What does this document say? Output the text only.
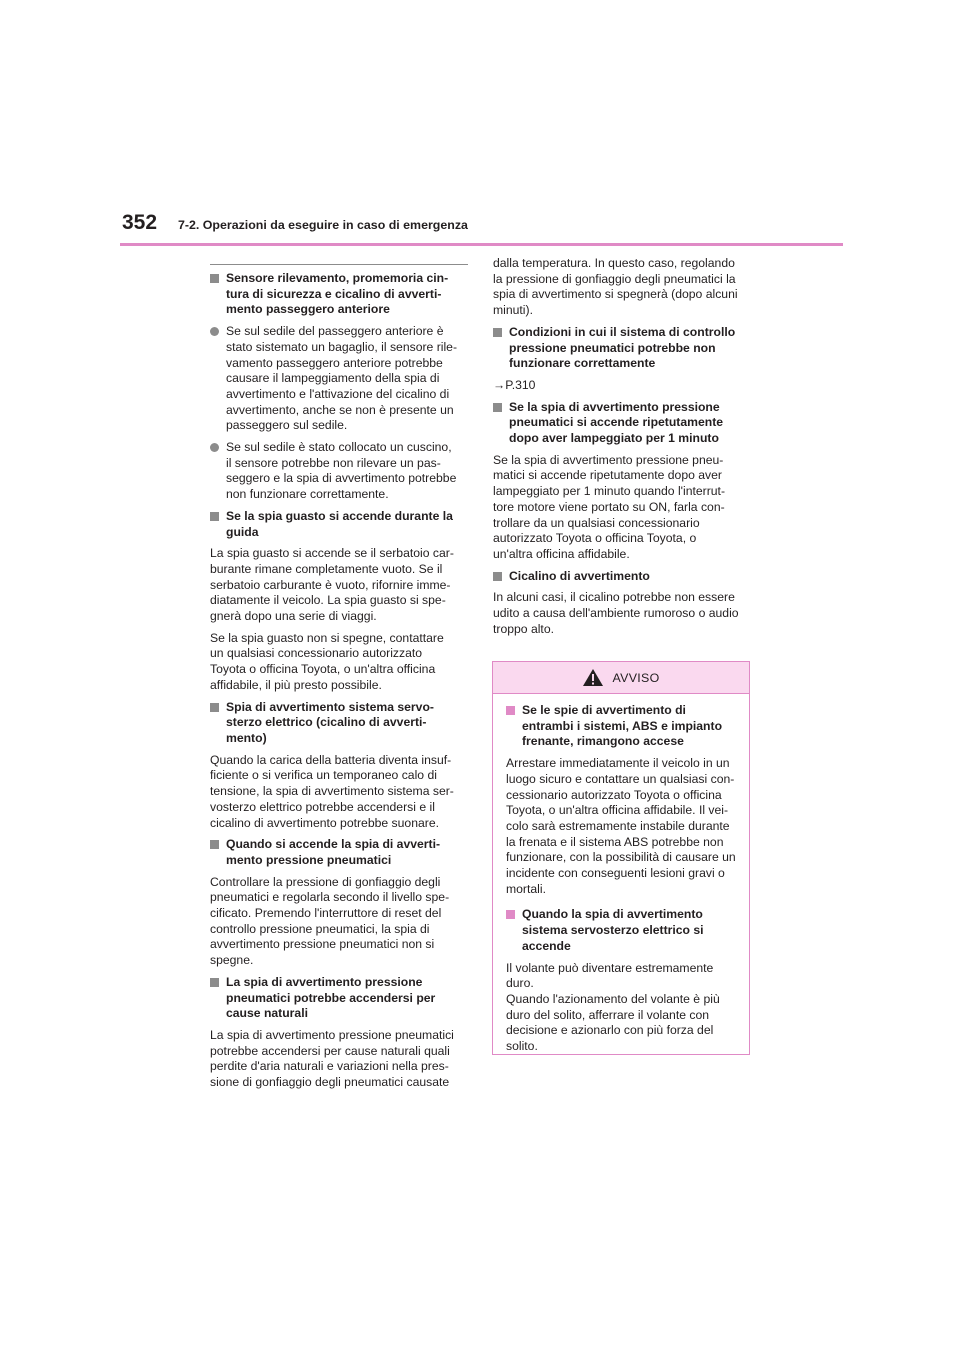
352 7-2. Operazioni da eseguire in caso di emergenza
Sensore rilevamento, promemoria cin-
tura di sicurezza e cicalino di avverti-
mento passeggero anteriore
Se sul sedile del passeggero anteriore è
stato sistemato un bagaglio, il sensore rile-
vamento passeggero anteriore potrebbe
causare il lampeggiamento della spia di
avvertimento e l'attivazione del cicalino di
avvertimento, anche se non è presente un
passeggero sul sedile.
Se sul sedile è stato collocato un cuscino,
il sensore potrebbe non rilevare un pas-
seggero e la spia di avvertimento potrebbe
non funzionare correttamente.
Se la spia guasto si accende durante la
guida
La spia guasto si accende se il serbatoio car-
burante rimane completamente vuoto. Se il
serbatoio carburante è vuoto, rifornire imme-
diatamente il veicolo. La spia guasto si spe-
gnerà dopo una serie di viaggi.
Se la spia guasto non si spegne, contattare
un qualsiasi concessionario autorizzato
Toyota o officina Toyota, o un'altra officina
affidabile, il più presto possibile.
Spia di avvertimento sistema servo-
sterzo elettrico (cicalino di avverti-
mento)
Quando la carica della batteria diventa insuf-
ficiente o si verifica un temporaneo calo di
tensione, la spia di avvertimento sistema ser-
vosterzo elettrico potrebbe accendersi e il
cicalino di avvertimento potrebbe suonare.
Quando si accende la spia di avverti-
mento pressione pneumatici
Controllare la pressione di gonfiaggio degli
pneumatici e regolarla secondo il livello spe-
cificato. Premendo l'interruttore di reset del
controllo pressione pneumatici, la spia di
avvertimento pressione pneumatici non si
spegne.
La spia di avvertimento pressione
pneumatici potrebbe accendersi per
cause naturali
La spia di avvertimento pressione pneumatici
potrebbe accendersi per cause naturali quali
perdite d'aria naturali e variazioni nella pres-
sione di gonfiaggio degli pneumatici causate
dalla temperatura. In questo caso, regolando
la pressione di gonfiaggio degli pneumatici la
spia di avvertimento si spegnerà (dopo alcuni
minuti).
Condizioni in cui il sistema di controllo
pressione pneumatici potrebbe non
funzionare correttamente
→P.310
Se la spia di avvertimento pressione
pneumatici si accende ripetutamente
dopo aver lampeggiato per 1 minuto
Se la spia di avvertimento pressione pneu-
matici si accende ripetutamente dopo aver
lampeggiato per 1 minuto quando l'interrut-
tore motore viene portato su ON, farla con-
trollare da un qualsiasi concessionario
autorizzato Toyota o officina Toyota, o
un'altra officina affidabile.
Cicalino di avvertimento
In alcuni casi, il cicalino potrebbe non essere
udito a causa dell'ambiente rumoroso o audio
troppo alto.
AVVISO
Se le spie di avvertimento di
entrambi i sistemi, ABS e impianto
frenante, rimangono accese
Arrestare immediatamente il veicolo in un
luogo sicuro e contattare un qualsiasi con-
cessionario autorizzato Toyota o officina
Toyota, o un'altra officina affidabile. Il vei-
colo sarà estremamente instabile durante
la frenata e il sistema ABS potrebbe non
funzionare, con la possibilità di causare un
incidente con conseguenti lesioni gravi o
mortali.
Quando la spia di avvertimento
sistema servosterzo elettrico si
accende
Il volante può diventare estremamente
duro.
Quando l'azionamento del volante è più
duro del solito, afferrare il volante con
decisione e azionarlo con più forza del
solito.
